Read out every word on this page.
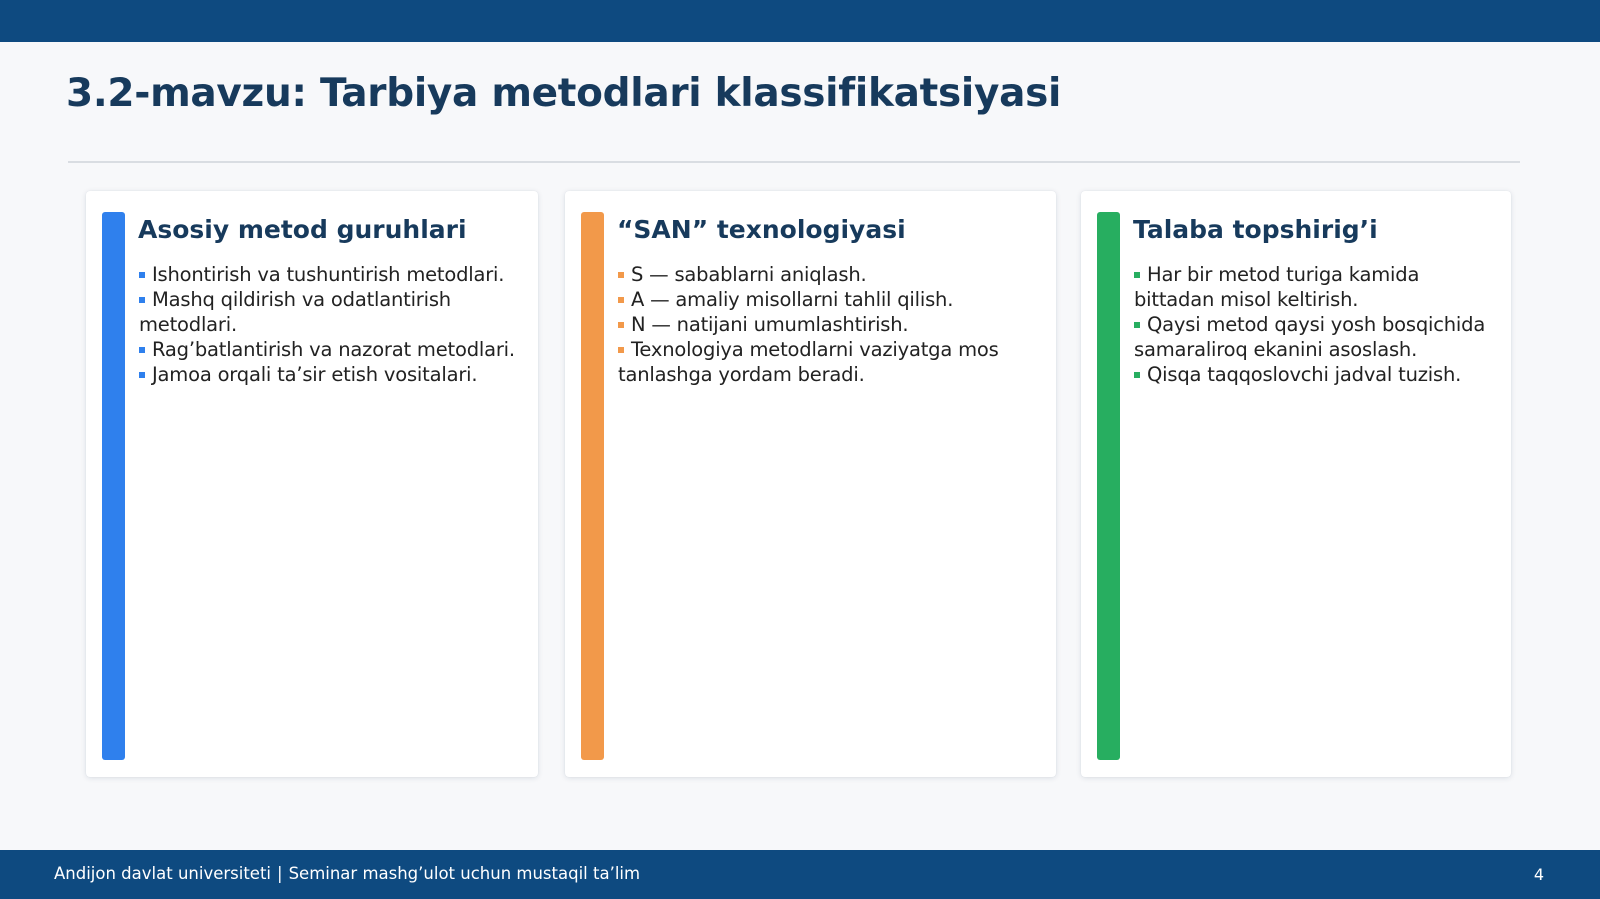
3.2-mavzu: Tarbiya metodlari klassifikatsiyasi
Asosiy metod guruhlari
Ishontirish va tushuntirish metodlari.
Mashq qildirish va odatlantirish metodlari.
Rag’batlantirish va nazorat metodlari.
Jamoa orqali ta’sir etish vositalari.
“SAN” texnologiyasi
S — sabablarni aniqlash.
A — amaliy misollarni tahlil qilish.
N — natijani umumlashtirish.
Texnologiya metodlarni vaziyatga mos tanlashga yordam beradi.
Talaba topshirig’i
Har bir metod turiga kamida bittadan misol keltirish.
Qaysi metod qaysi yosh bosqichida samaraliroq ekanini asoslash.
Qisqa taqqoslovchi jadval tuzish.
Andijon davlat universiteti | Seminar mashg’ulot uchun mustaqil ta’lim	4
